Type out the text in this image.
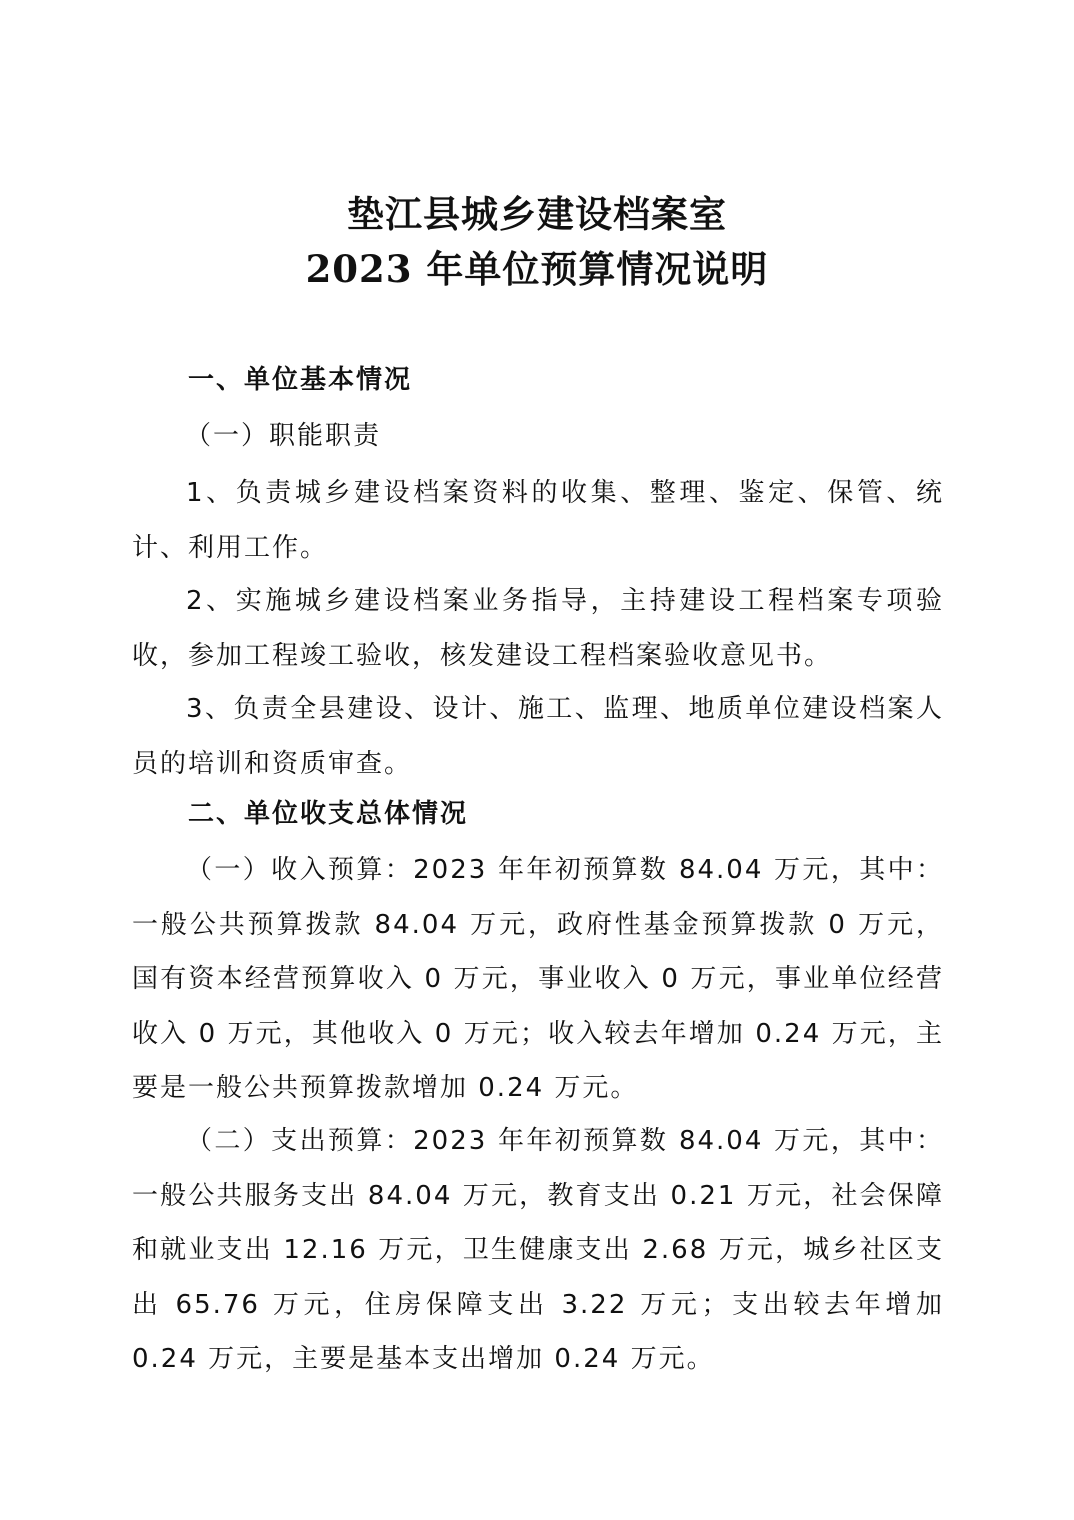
垫江县城乡建设档案室
2023 年单位预算情况说明
一、单位基本情况
（一）职能职责

1、负责城乡建设档案资料的收集、整理、鉴定、保管、统计、利用工作。

2、实施城乡建设档案业务指导，主持建设工程档案专项验收，参加工程竣工验收，核发建设工程档案验收意见书。

3、负责全县建设、设计、施工、监理、地质单位建设档案人员的培训和资质审查。

二、单位收支总体情况

（一）收入预算：2023 年年初预算数 84.04 万元，其中：一般公共预算拨款 84.04 万元，政府性基金预算拨款 0 万元，国有资本经营预算收入 0 万元，事业收入 0 万元，事业单位经营收入 0 万元，其他收入 0 万元；收入较去年增加 0.24 万元，主要是一般公共预算拨款增加 0.24 万元。

（二）支出预算：2023 年年初预算数 84.04 万元，其中：一般公共服务支出 84.04 万元，教育支出 0.21 万元，社会保障和就业支出 12.16 万元，卫生健康支出 2.68 万元，城乡社区支出 65.76 万元，住房保障支出 3.22 万元；支出较去年增加 0.24 万元，主要是基本支出增加 0.24 万元。
